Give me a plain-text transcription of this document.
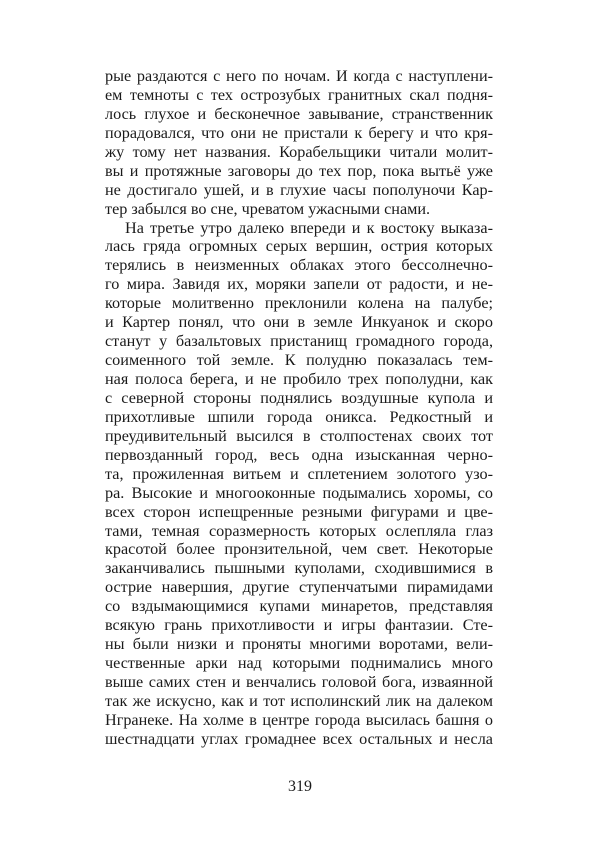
рые раздаются с него по ночам. И когда с наступлени-
ем темноты с тех острозубых гранитных скал подня-
лось глухое и бесконечное завывание, странственник
порадовался, что они не пристали к берегу и что кря-
жу тому нет названия. Корабельщики читали молит-
вы и протяжные заговоры до тех пор, пока вытьё уже
не достигало ушей, и в глухие часы пополуночи Кар-
тер забылся во сне, чреватом ужасными снами.
На третье утро далеко впереди и к востоку выказа-
лась гряда огромных серых вершин, острия которых
терялись в неизменных облаках этого бессолнечно-
го мира. Завидя их, моряки запели от радости, и не-
которые молитвенно преклонили колена на палубе;
и Картер понял, что они в земле Инкуанок и скоро
станут у базальтовых пристанищ громадного города,
соименного той земле. К полудню показалась тем-
ная полоса берега, и не пробило трех пополудни, как
с северной стороны поднялись воздушные купола и
прихотливые шпили города оникса. Редкостный и
преудивительный высился в столпостенах своих тот
первозданный город, весь одна изысканная черно-
та, прожиленная витьем и сплетением золотого узо-
ра. Высокие и многооконные подымались хоромы, со
всех сторон испещренные резными фигурами и цве-
тами, темная соразмерность которых ослепляла глаз
красотой более пронзительной, чем свет. Некоторые
заканчивались пышными куполами, сходившимися в
острие навершия, другие ступенчатыми пирамидами
со вздымающимися купами минаретов, представляя
всякую грань прихотливости и игры фантазии. Сте-
ны были низки и проняты многими воротами, вели-
чественные арки над которыми поднимались много
выше самих стен и венчались головой бога, изваянной
так же искусно, как и тот исполинский лик на далеком
Нгранеке. На холме в центре города высилась башня о
шестнадцати углах громаднее всех остальных и несла
319
